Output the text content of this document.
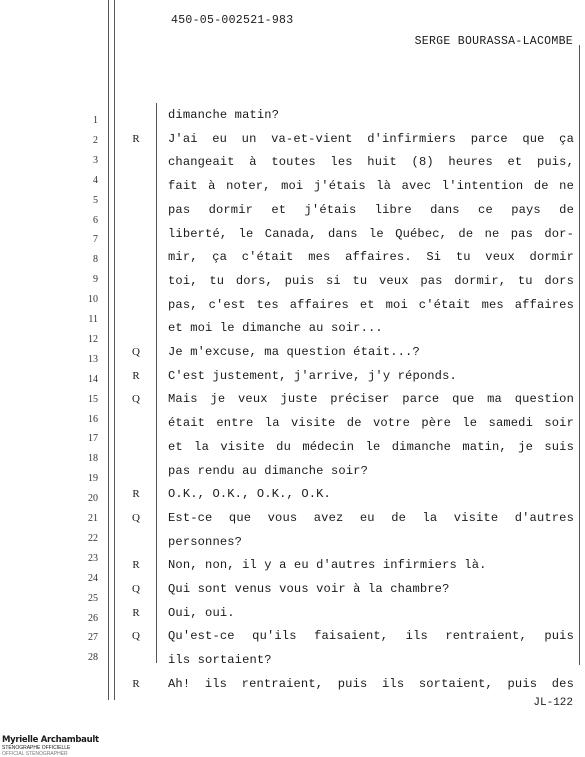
450-05-002521-983
SERGE BOURASSA-LACOMBE
1
2
3
4
5
6
7
8
9
10
11
12
13
14
15
16
17
18
19
20
21
22
23
24
25
26
27
28
dimanche matin?
R	J'ai eu un va-et-vient d'infirmiers parce que ça
changeait à toutes les huit (8) heures et puis,
fait à noter, moi j'étais là avec l'intention de ne
pas dormir et j'étais libre dans ce pays de
liberté, le Canada, dans le Québec, de ne pas dor-
mir, ça c'était mes affaires. Si tu veux dormir
toi, tu dors, puis si tu veux pas dormir, tu dors
pas, c'est tes affaires et moi c'était mes affaires
et moi le dimanche au soir...
Q	Je m'excuse, ma question était...?
R	C'est justement, j'arrive, j'y réponds.
Q	Mais je veux juste préciser parce que ma question
était entre la visite de votre père le samedi soir
et la visite du médecin le dimanche matin, je suis
pas rendu au dimanche soir?
R	O.K., O.K., O.K., O.K.
Q	Est-ce que vous avez eu de la visite d'autres
personnes?
R	Non, non, il y a eu d'autres infirmiers là.
Q	Qui sont venus vous voir à la chambre?
R	Oui, oui.
Q	Qu'est-ce qu'ils faisaient, ils rentraient, puis
ils sortaient?
R	Ah! ils rentraient, puis ils sortaient, puis des
JL-122
Myrielle Archambault
STÉNOGRAPHE OFFICIELLE
OFFICIAL STENOGRAPHER
